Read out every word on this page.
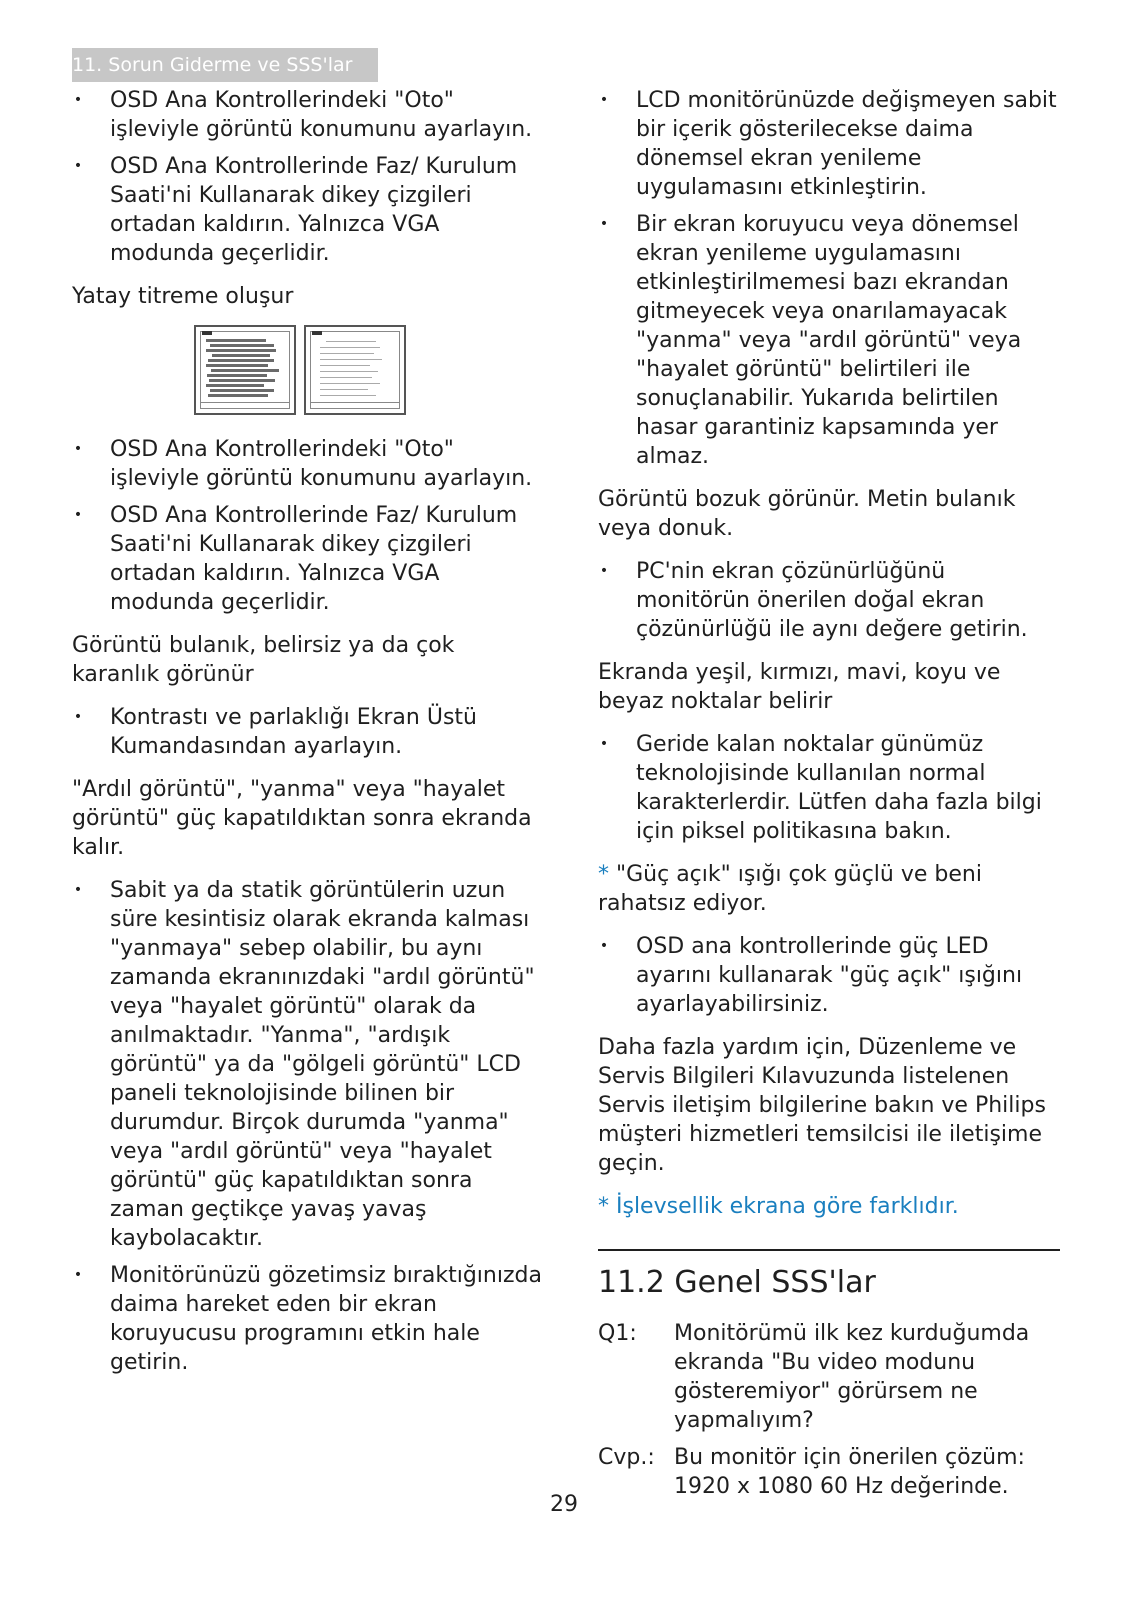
11. Sorun Giderme ve SSS'lar
• OSD Ana Kontrollerindeki "Oto" işleviyle görüntü konumunu ayarlayın.
• OSD Ana Kontrollerinde Faz/ Kurulum Saati'ni Kullanarak dikey çizgileri ortadan kaldırın. Yalnızca VGA modunda geçerlidir.

Yatay titreme oluşur

• OSD Ana Kontrollerindeki "Oto" işleviyle görüntü konumunu ayarlayın.
• OSD Ana Kontrollerinde Faz/ Kurulum Saati'ni Kullanarak dikey çizgileri ortadan kaldırın. Yalnızca VGA modunda geçerlidir.

Görüntü bulanık, belirsiz ya da çok karanlık görünür

• Kontrastı ve parlaklığı Ekran Üstü Kumandasından ayarlayın.

"Ardıl görüntü", "yanma" veya "hayalet görüntü" güç kapatıldıktan sonra ekranda kalır.

• Sabit ya da statik görüntülerin uzun süre kesintisiz olarak ekranda kalması "yanmaya" sebep olabilir, bu aynı zamanda ekranınızdaki "ardıl görüntü" veya "hayalet görüntü" olarak da anılmaktadır. "Yanma", "ardışık görüntü" ya da "gölgeli görüntü" LCD paneli teknolojisinde bilinen bir durumdur. Birçok durumda "yanma" veya "ardıl görüntü" veya "hayalet görüntü" güç kapatıldıktan sonra zaman geçtikçe yavaş yavaş kaybolacaktır.
• Monitörünüzü gözetimsiz bıraktığınızda daima hareket eden bir ekran koruyucusu programını etkin hale getirin.
• LCD monitörünüzde değişmeyen sabit bir içerik gösterilecekse daima dönemsel ekran yenileme uygulamasını etkinleştirin.
• Bir ekran koruyucu veya dönemsel ekran yenileme uygulamasını etkinleştirilmemesi bazı ekrandan gitmeyecek veya onarılamayacak "yanma" veya "ardıl görüntü" veya "hayalet görüntü" belirtileri ile sonuçlanabilir. Yukarıda belirtilen hasar garantiniz kapsamında yer almaz.

Görüntü bozuk görünür. Metin bulanık veya donuk.

• PC'nin ekran çözünürlüğünü monitörün önerilen doğal ekran çözünürlüğü ile aynı değere getirin.

Ekranda yeşil, kırmızı, mavi, koyu ve beyaz noktalar belirir

• Geride kalan noktalar günümüz teknolojisinde kullanılan normal karakterlerdir. Lütfen daha fazla bilgi için piksel politikasına bakın.

* "Güç açık" ışığı çok güçlü ve beni rahatsız ediyor.

• OSD ana kontrollerinde güç LED ayarını kullanarak "güç açık" ışığını ayarlayabilirsiniz.

Daha fazla yardım için, Düzenleme ve Servis Bilgileri Kılavuzunda listelenen Servis iletişim bilgilerine bakın ve Philips müşteri hizmetleri temsilcisi ile iletişime geçin.

* İşlevsellik ekrana göre farklıdır.

11.2 Genel SSS'lar
Q1:	Monitörümü ilk kez kurduğumda ekranda "Bu video modunu gösteremiyor" görürsem ne yapmalıyım?
Cvp.: Bu monitör için önerilen çözüm: 1920 x 1080 60 Hz değerinde.
29
